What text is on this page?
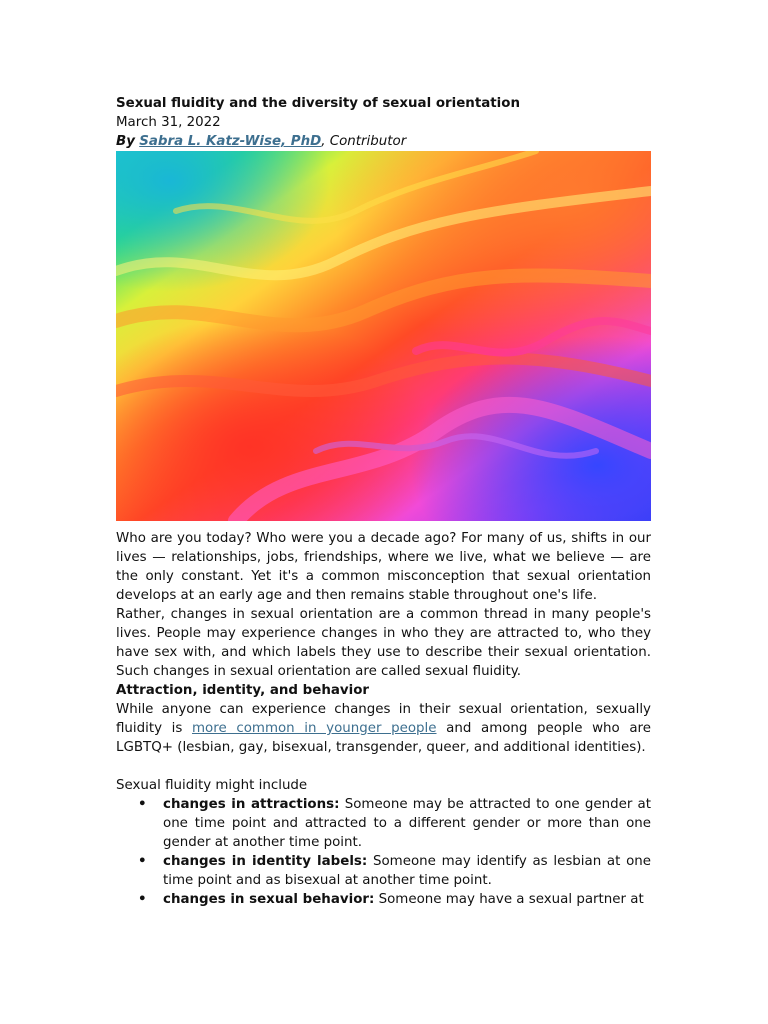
Sexual fluidity and the diversity of sexual orientation
March 31, 2022
By Sabra L. Katz-Wise, PhD, Contributor

Who are you today? Who were you a decade ago? For many of us, shifts in our lives — relationships, jobs, friendships, where we live, what we believe — are the only constant. Yet it's a common misconception that sexual orientation develops at an early age and then remains stable throughout one's life.

Rather, changes in sexual orientation are a common thread in many people's lives. People may experience changes in who they are attracted to, who they have sex with, and which labels they use to describe their sexual orientation. Such changes in sexual orientation are called sexual fluidity.

Attraction, identity, and behavior

While anyone can experience changes in their sexual orientation, sexually fluidity is more common in younger people and among people who are LGBTQ+ (lesbian, gay, bisexual, transgender, queer, and additional identities).

Sexual fluidity might include
• changes in attractions: Someone may be attracted to one gender at one time point and attracted to a different gender or more than one gender at another time point.
• changes in identity labels: Someone may identify as lesbian at one time point and as bisexual at another time point.
• changes in sexual behavior: Someone may have a sexual partner at
